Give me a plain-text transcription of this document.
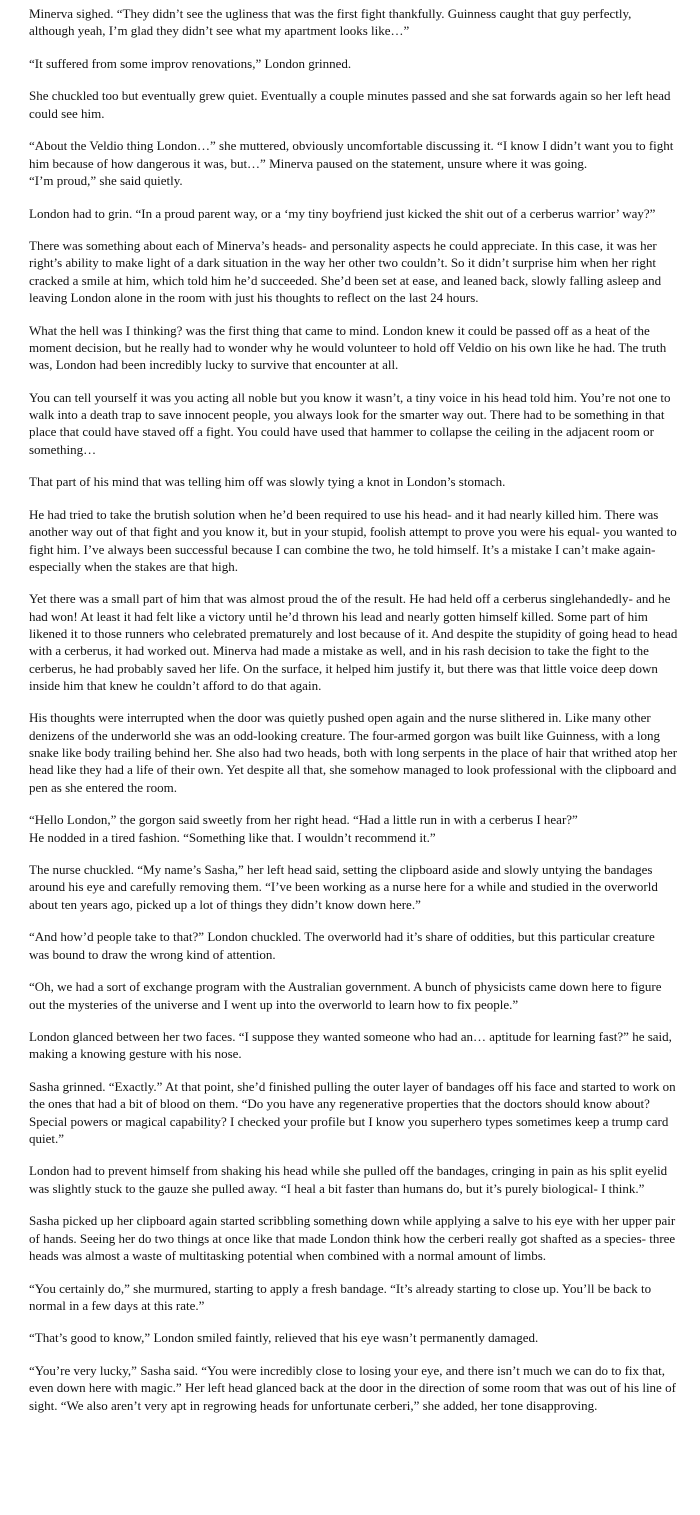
Minerva sighed. “They didn’t see the ugliness that was the first fight thankfully. Guinness caught that guy perfectly, although yeah, I’m glad they didn’t see what my apartment looks like…”

“It suffered from some improv renovations,” London grinned.

She chuckled too but eventually grew quiet. Eventually a couple minutes passed and she sat forwards again so her left head could see him.

“About the Veldio thing London…” she muttered, obviously uncomfortable discussing it. “I know I didn’t want you to fight him because of how dangerous it was, but…” Minerva paused on the statement, unsure where it was going.
“I’m proud,” she said quietly.

London had to grin. “In a proud parent way, or a ‘my tiny boyfriend just kicked the shit out of a cerberus warrior’ way?”

There was something about each of Minerva’s heads- and personality aspects he could appreciate. In this case, it was her right’s ability to make light of a dark situation in the way her other two couldn’t. So it didn’t surprise him when her right cracked a smile at him, which told him he’d succeeded. She’d been set at ease, and leaned back, slowly falling asleep and leaving London alone in the room with just his thoughts to reflect on the last 24 hours.

What the hell was I thinking? was the first thing that came to mind. London knew it could be passed off as a heat of the moment decision, but he really had to wonder why he would volunteer to hold off Veldio on his own like he had. The truth was, London had been incredibly lucky to survive that encounter at all.

You can tell yourself it was you acting all noble but you know it wasn’t, a tiny voice in his head told him. You’re not one to walk into a death trap to save innocent people, you always look for the smarter way out. There had to be something in that place that could have staved off a fight. You could have used that hammer to collapse the ceiling in the adjacent room or something…

That part of his mind that was telling him off was slowly tying a knot in London’s stomach.

He had tried to take the brutish solution when he’d been required to use his head- and it had nearly killed him. There was another way out of that fight and you know it, but in your stupid, foolish attempt to prove you were his equal- you wanted to fight him. I’ve always been successful because I can combine the two, he told himself. It’s a mistake I can’t make again- especially when the stakes are that high.

Yet there was a small part of him that was almost proud the of the result. He had held off a cerberus singlehandedly- and he had won! At least it had felt like a victory until he’d thrown his lead and nearly gotten himself killed. Some part of him likened it to those runners who celebrated prematurely and lost because of it. And despite the stupidity of going head to head with a cerberus, it had worked out. Minerva had made a mistake as well, and in his rash decision to take the fight to the cerberus, he had probably saved her life. On the surface, it helped him justify it, but there was that little voice deep down inside him that knew he couldn’t afford to do that again.

His thoughts were interrupted when the door was quietly pushed open again and the nurse slithered in. Like many other denizens of the underworld she was an odd-looking creature. The four-armed gorgon was built like Guinness, with a long snake like body trailing behind her. She also had two heads, both with long serpents in the place of hair that writhed atop her head like they had a life of their own. Yet despite all that, she somehow managed to look professional with the clipboard and pen as she entered the room.

“Hello London,” the gorgon said sweetly from her right head. “Had a little run in with a cerberus I hear?”
He nodded in a tired fashion. “Something like that. I wouldn’t recommend it.”

The nurse chuckled. “My name’s Sasha,” her left head said, setting the clipboard aside and slowly untying the bandages around his eye and carefully removing them. “I’ve been working as a nurse here for a while and studied in the overworld about ten years ago, picked up a lot of things they didn’t know down here.”

“And how’d people take to that?” London chuckled. The overworld had it’s share of oddities, but this particular creature was bound to draw the wrong kind of attention.

“Oh, we had a sort of exchange program with the Australian government. A bunch of physicists came down here to figure out the mysteries of the universe and I went up into the overworld to learn how to fix people.”

London glanced between her two faces. “I suppose they wanted someone who had an… aptitude for learning fast?” he said, making a knowing gesture with his nose.

Sasha grinned. “Exactly.” At that point, she’d finished pulling the outer layer of bandages off his face and started to work on the ones that had a bit of blood on them. “Do you have any regenerative properties that the doctors should know about? Special powers or magical capability? I checked your profile but I know you superhero types sometimes keep a trump card quiet.”

London had to prevent himself from shaking his head while she pulled off the bandages, cringing in pain as his split eyelid was slightly stuck to the gauze she pulled away. “I heal a bit faster than humans do, but it’s purely biological- I think.”

Sasha picked up her clipboard again started scribbling something down while applying a salve to his eye with her upper pair of hands. Seeing her do two things at once like that made London think how the cerberi really got shafted as a species- three heads was almost a waste of multitasking potential when combined with a normal amount of limbs.

“You certainly do,” she murmured, starting to apply a fresh bandage. “It’s already starting to close up. You’ll be back to normal in a few days at this rate.”

“That’s good to know,” London smiled faintly, relieved that his eye wasn’t permanently damaged.

“You’re very lucky,” Sasha said. “You were incredibly close to losing your eye, and there isn’t much we can do to fix that, even down here with magic.” Her left head glanced back at the door in the direction of some room that was out of his line of sight. “We also aren’t very apt in regrowing heads for unfortunate cerberi,” she added, her tone disapproving.
